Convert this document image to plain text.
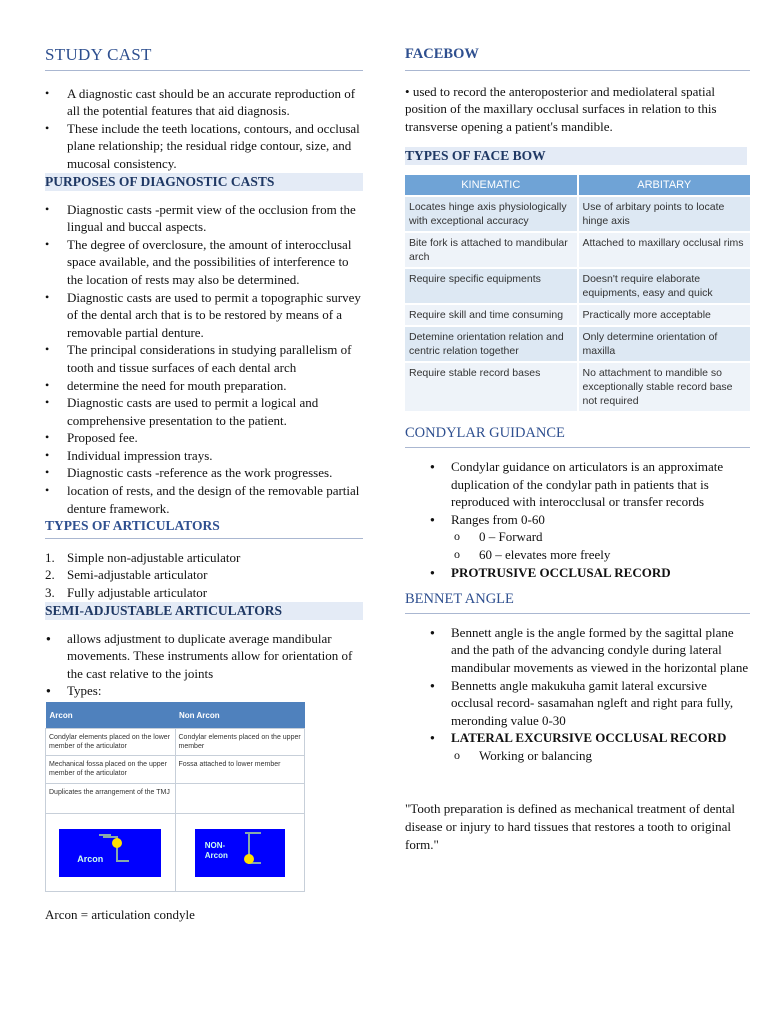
STUDY CAST
• A diagnostic cast should be an accurate reproduction of all the potential features that aid diagnosis.
• These include the teeth locations, contours, and occlusal plane relationship; the residual ridge contour, size, and mucosal consistency.
PURPOSES OF DIAGNOSTIC CASTS
• Diagnostic casts -permit view of the occlusion from the lingual and buccal aspects.
• The degree of overclosure, the amount of interocclusal space available, and the possibilities of interference to the location of rests may also be determined.
• Diagnostic casts are used to permit a topographic survey of the dental arch that is to be restored by means of a removable partial denture.
• The principal considerations in studying parallelism of tooth and tissue surfaces of each dental arch
• determine the need for mouth preparation.
• Diagnostic casts are used to permit a logical and comprehensive presentation to the patient.
• Proposed fee.
• Individual impression trays.
• Diagnostic casts -reference as the work progresses.
• location of rests, and the design of the removable partial denture framework.
TYPES OF ARTICULATORS
1. Simple non-adjustable articulator
2. Semi-adjustable articulator
3. Fully adjustable articulator
SEMI-ADJUSTABLE ARTICULATORS
● allows adjustment to duplicate average mandibular movements. These instruments allow for orientation of the cast relative to the joints
● Types:
Arcon	Non Arcon
Condylar elements placed on the lower member of the articulator	Condylar elements placed on the upper member
Mechanical fossa placed on the upper member of the articulator	Fossa attached to lower member
Duplicates the arrangement of the TMJ	

Arcon	NON-
Arcon
Arcon = articulation condyle
FACEBOW
• used to record the anteroposterior and mediolateral spatial position of the maxillary occlusal surfaces in relation to this transverse opening a patient's mandible.
TYPES OF FACE BOW
KINEMATIC	ARBITARY
Locates hinge axis physiologically with exceptional accuracy	Use of arbitary points to locate hinge axis
Bite fork is attached to mandibular arch	Attached to maxillary occlusal rims
Require specific equipments	Doesn't require elaborate equipments, easy and quick
Require skill and time consuming	Practically more acceptable
Detemine orientation relation and centric relation together	Only determine orientation of maxilla
Require stable record bases	No attachment to mandible so exceptionally stable record base not required
CONDYLAR GUIDANCE
● Condylar guidance on articulators is an approximate duplication of the condylar path in patients that is reproduced with interocclusal or transfer records
● Ranges from 0-60
o 0 – Forward
o 60 – elevates more freely
● PROTRUSIVE OCCLUSAL RECORD
BENNET ANGLE
● Bennett angle is the angle formed by the sagittal plane and the path of the advancing condyle during lateral mandibular movements as viewed in the horizontal plane
● Bennetts angle makukuha gamit lateral excursive occlusal record- sasamahan ngleft and right para fully, meronding value 0-30
● LATERAL EXCURSIVE OCCLUSAL RECORD
o Working or balancing
"Tooth preparation is defined as mechanical treatment of dental disease or injury to hard tissues that restores a tooth to original form."
